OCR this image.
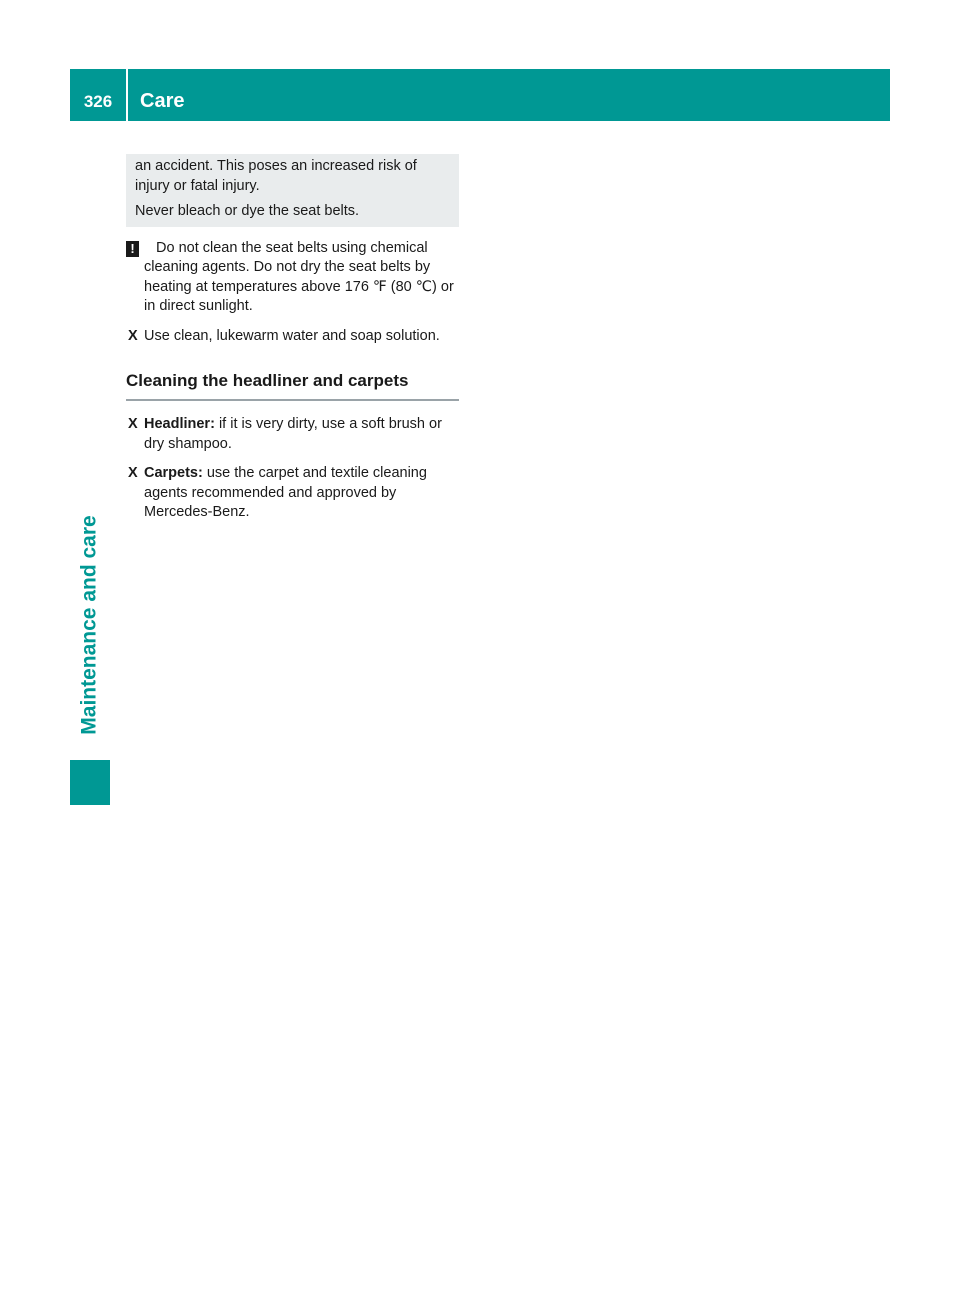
326	Care
Maintenance and care

an accident. This poses an increased risk of injury or fatal injury.

Never bleach or dye the seat belts.

!	Do not clean the seat belts using chemical
cleaning agents. Do not dry the seat belts by heating at temperatures above 176 ℉ (80 ℃) or in direct sunlight.
X Use clean, lukewarm water and soap solution.
Cleaning the headliner and carpets
X Headliner: if it is very dirty, use a soft brush or dry shampoo.
X Carpets: use the carpet and textile cleaning agents recommended and approved by Mercedes-Benz.
